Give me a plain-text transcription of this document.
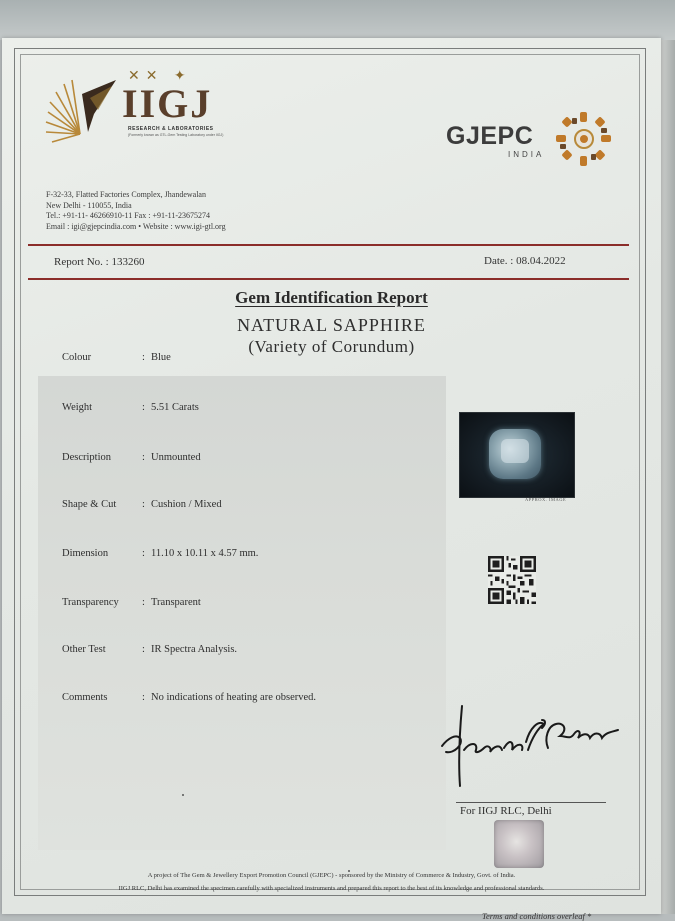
✕✕ ✦
IIGJ
RESEARCH & LABORATORIES
(Formerly known as GTL-Gem Testing Laboratory under IIGJ)	GJEPC
INDIA
F-32-33, Flatted Factories Complex, Jhandewalan
New Delhi - 110055, India
Tel.: +91-11- 46266910-11 Fax : +91-11-23675274
Email : igi@gjepcindia.com • Website : www.igi-gtl.org
Report No. : 133260	Date. : 08.04.2022
Gem Identification Report
NATURAL SAPPHIRE
(Variety of Corundum)
Colour	: Blue
Weight	: 5.51 Carats
Description	: Unmounted
Shape & Cut	: Cushion / Mixed
Dimension	: 11.10 x 10.11 x 4.57 mm.
Transparency	: Transparent
Other Test	: IR Spectra Analysis.
Comments	: No indications of heating are observed.
APPROX. IMAGE
For IIGJ RLC, Delhi
A project of The Gem & Jewellery Export Promotion Council (GJEPC) - sponsored by the Ministry of Commerce & Industry, Govt. of India.
IIGJ RLC, Delhi has examined the specimen carefully with specialized instruments and prepared this report to the best of its knowledge and professional standards.
Terms and conditions overleaf *
